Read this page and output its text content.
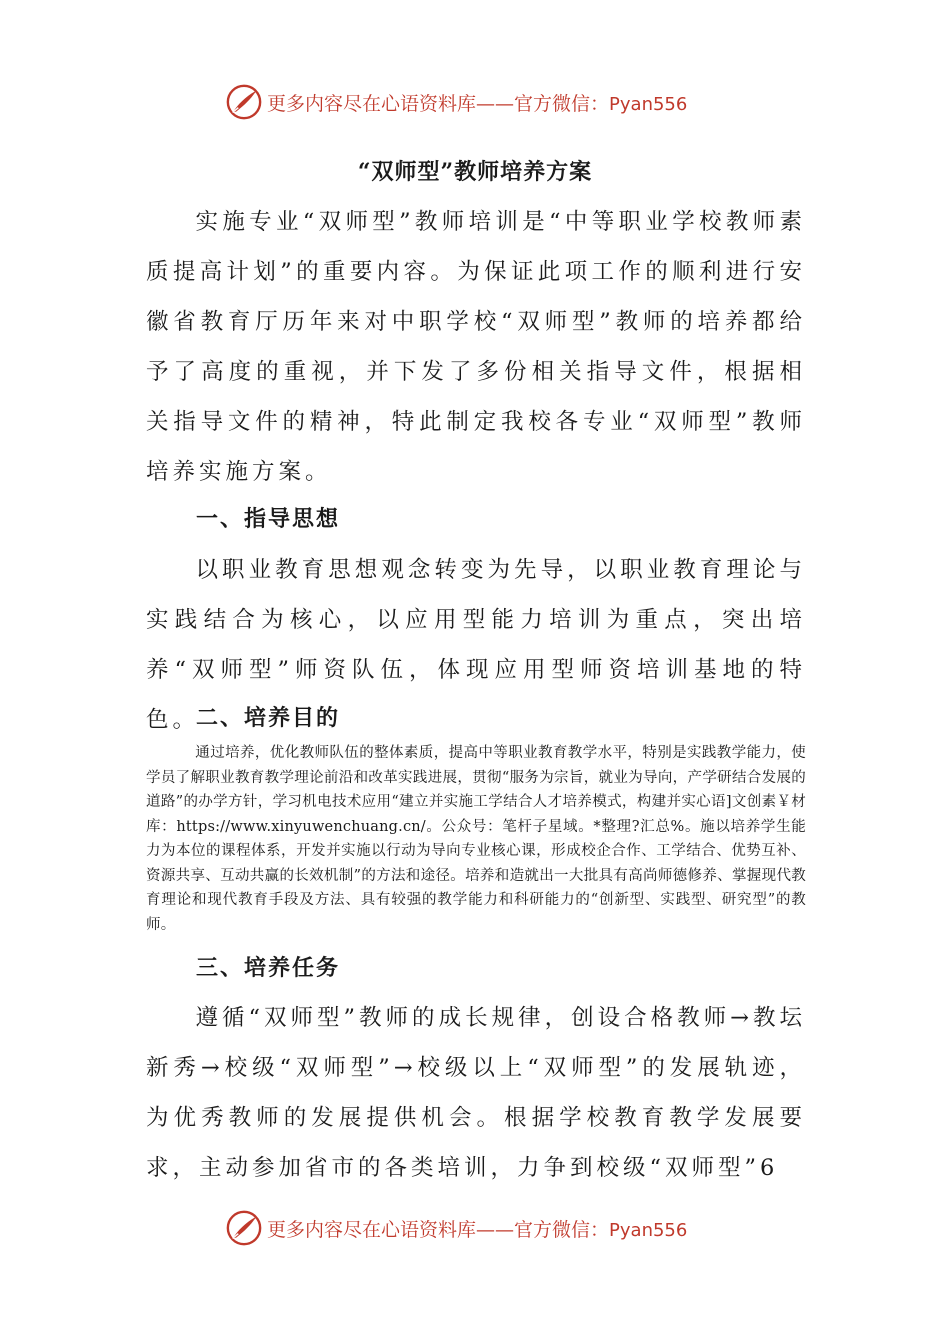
更多内容尽在心语资料库——官方微信：Pyan556
“双师型”教师培养方案

实施专业“双师型”教师培训是“中等职业学校教师素质提高计划”的重要内容。为保证此项工作的顺利进行安徽省教育厅历年来对中职学校“双师型”教师的培养都给予了高度的重视，并下发了多份相关指导文件，根据相关指导文件的精神，特此制定我校各专业“双师型”教师培养实施方案。

一、指导思想

以职业教育思想观念转变为先导，以职业教育理论与实践结合为核心，以应用型能力培训为重点，突出培养“双师型”师资队伍，体现应用型师资培训基地的特色。

二、培养目的

通过培养，优化教师队伍的整体素质，提高中等职业教育教学水平，特别是实践教学能力，使学员了解职业教育教学理论前沿和改革实践进展，贯彻“服务为宗旨，就业为导向，产学研结合发展的道路”的办学方针，学习机电技术应用“建立并实施工学结合人才培养模式，构建并实心语]文创素￥材库：https://www.xinyuwenchuang.cn/。公众号：笔杆子星域。*整理?汇总%。施以培养学生能力为本位的课程体系，开发并实施以行动为导向专业核心课，形成校企合作、工学结合、优势互补、资源共享、互动共赢的长效机制”的方法和途径。培养和造就出一大批具有高尚师德修养、掌握现代教育理论和现代教育手段及方法、具有较强的教学能力和科研能力的“创新型、实践型、研究型”的教师。

三、培养任务

遵循“双师型”教师的成长规律，创设合格教师→教坛新秀→校级“双师型”→校级以上“双师型”的发展轨迹，为优秀教师的发展提供机会。根据学校教育教学发展要求，主动参加省市的各类培训，力争到校级“双师型”6

更多内容尽在心语资料库——官方微信：Pyan556
